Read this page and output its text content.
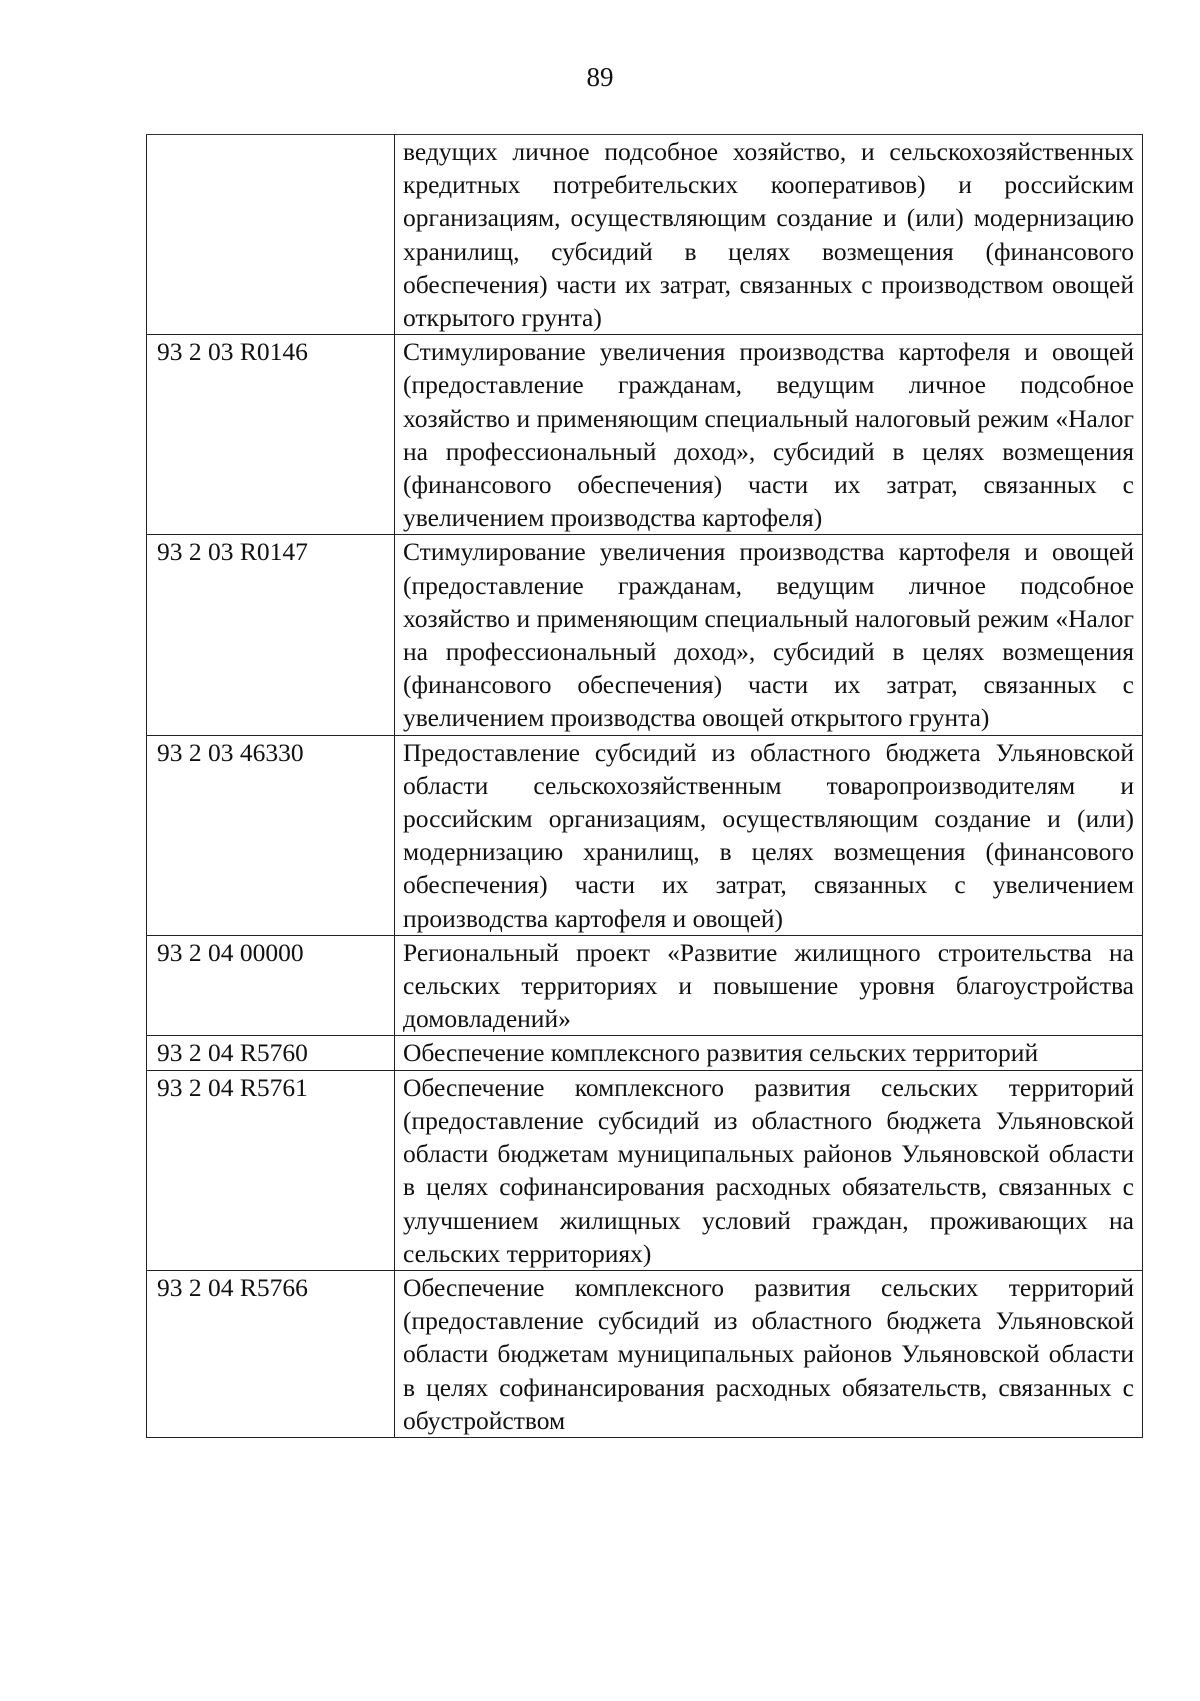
89
	ведущих личное подсобное хозяйство, и сельскохозяйственных кредитных потребительских кооперативов) и российским организациям, осуществляющим создание и (или) модернизацию хранилищ, субсидий в целях возмещения (финансового обеспечения) части их затрат, связанных с производством овощей открытого грунта)
93 2 03 R0146	Стимулирование увеличения производства картофеля и овощей (предоставление гражданам, ведущим личное подсобное хозяйство и применяющим специальный налоговый режим «Налог на профессиональный доход», субсидий в целях возмещения (финансового обеспечения) части их затрат, связанных с увеличением производства картофеля)
93 2 03 R0147	Стимулирование увеличения производства картофеля и овощей (предоставление гражданам, ведущим личное подсобное хозяйство и применяющим специальный налоговый режим «Налог на профессиональный доход», субсидий в целях возмещения (финансового обеспечения) части их затрат, связанных с увеличением производства овощей открытого грунта)
93 2 03 46330	Предоставление субсидий из областного бюджета Ульяновской области сельскохозяйственным товаропроизводителям и российским организациям, осуществляющим создание и (или) модернизацию хранилищ, в целях возмещения (финансового обеспечения) части их затрат, связанных с увеличением производства картофеля и овощей)
93 2 04 00000	Региональный проект «Развитие жилищного строительства на сельских территориях и повышение уровня благоустройства домовладений»
93 2 04 R5760	Обеспечение комплексного развития сельских территорий
93 2 04 R5761	Обеспечение комплексного развития сельских территорий (предоставление субсидий из областного бюджета Ульяновской области бюджетам муниципальных районов Ульяновской области в целях софинансирования расходных обязательств, связанных с улучшением жилищных условий граждан, проживающих на сельских территориях)
93 2 04 R5766	Обеспечение комплексного развития сельских территорий (предоставление субсидий из областного бюджета Ульяновской области бюджетам муниципальных районов Ульяновской области в целях софинансирования расходных обязательств, связанных с обустройством
